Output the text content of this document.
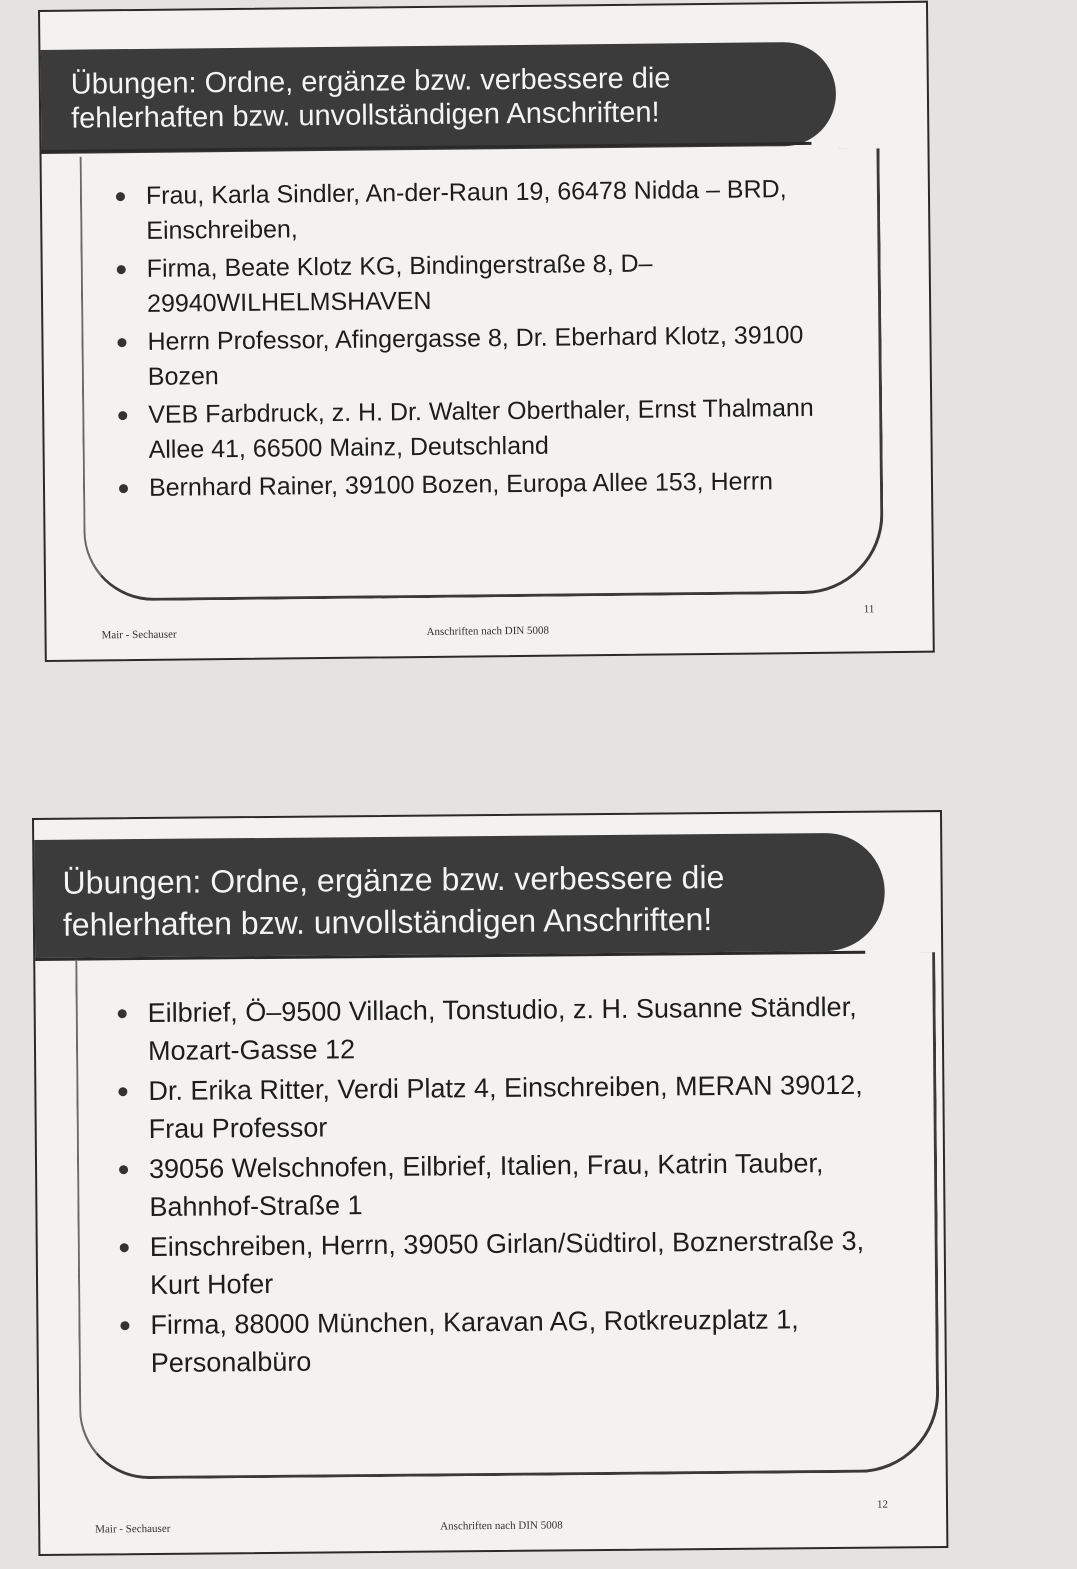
Übungen: Ordne, ergänze bzw. verbessere die fehlerhaften bzw. unvollständigen Anschriften!
Frau, Karla Sindler, An-der-Raun 19, 66478 Nidda – BRD, Einschreiben,
Firma, Beate Klotz KG, Bindingerstraße 8, D–29940WILHELMSHAVEN
Herrn Professor, Afingergasse 8, Dr. Eberhard Klotz, 39100 Bozen
VEB Farbdruck, z. H. Dr. Walter Oberthaler, Ernst Thalmann Allee 41, 66500 Mainz, Deutschland
Bernhard Rainer, 39100 Bozen, Europa Allee 153, Herrn
Mair - Sechauser	Anschriften nach DIN 5008
11
Übungen: Ordne, ergänze bzw. verbessere die fehlerhaften bzw. unvollständigen Anschriften!
Eilbrief, Ö–9500 Villach, Tonstudio, z. H. Susanne Ständler, Mozart-Gasse 12
Dr. Erika Ritter, Verdi Platz 4, Einschreiben, MERAN 39012, Frau Professor
39056 Welschnofen, Eilbrief, Italien, Frau, Katrin Tauber, Bahnhof-Straße 1
Einschreiben, Herrn, 39050 Girlan/Südtirol, Boznerstraße 3, Kurt Hofer
Firma, 88000 München, Karavan AG, Rotkreuzplatz 1, Personalbüro
Mair - Sechauser	Anschriften nach DIN 5008
12
